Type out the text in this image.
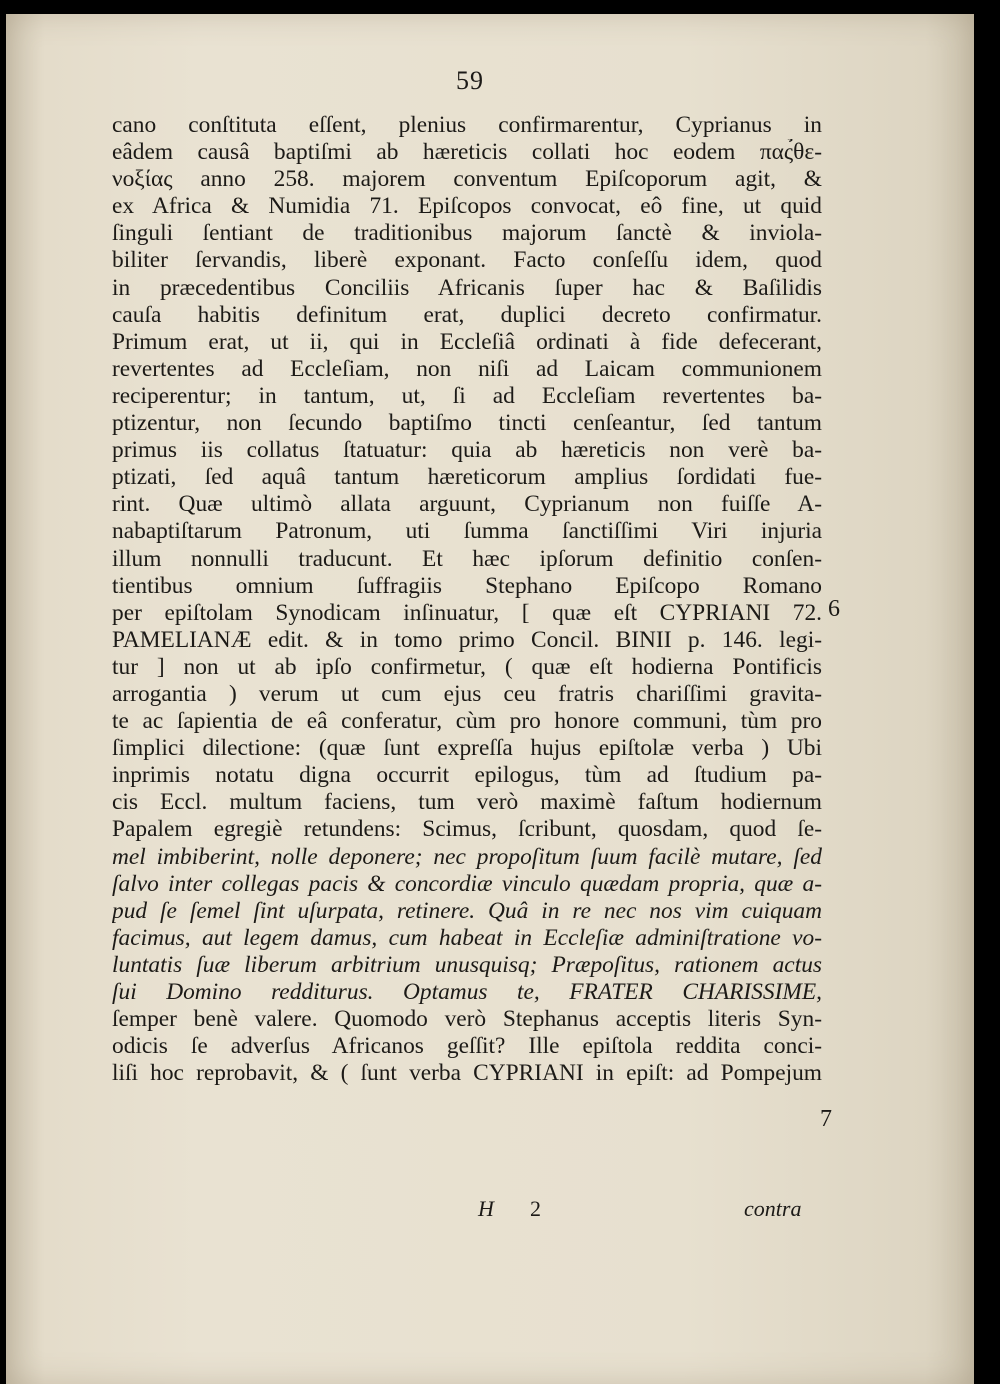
59
cano conſtituta eſſent, plenius confirmarentur, Cyprianus in
eâdem causâ baptiſmi ab hæreticis collati hoc eodem πας̉θε-
νοξίας anno 258. majorem conventum Epiſcoporum agit, &
ex Africa & Numidia 71. Epiſcopos convocat, eô fine, ut quid
ſinguli ſentiant de traditionibus majorum ſanctè & inviola-
biliter ſervandis, liberè exponant. Facto conſeſſu idem, quod
in præcedentibus Conciliis Africanis ſuper hac & Baſilidis
cauſa habitis definitum erat, duplici decreto confirmatur.
Primum erat, ut ii, qui in Eccleſiâ ordinati à fide defecerant,
revertentes ad Eccleſiam, non niſi ad Laicam communionem
reciperentur; in tantum, ut, ſi ad Eccleſiam revertentes ba-
ptizentur, non ſecundo baptiſmo tincti cenſeantur, ſed tantum
primus iis collatus ſtatuatur: quia ab hæreticis non verè ba-
ptizati, ſed aquâ tantum hæreticorum amplius ſordidati fue-
rint. Quæ ultimò allata arguunt, Cyprianum non fuiſſe A-
nabaptiſtarum Patronum, uti ſumma ſanctiſſimi Viri injuria
illum nonnulli traducunt. Et hæc ipſorum definitio conſen-
tientibus omnium ſuffragiis Stephano Epiſcopo Romano
per epiſtolam Synodicam inſinuatur, [ quæ eſt CYPRIANI 72.
PAMELIANÆ edit. & in tomo primo Concil. BINII p. 146. legi-
tur ] non ut ab ipſo confirmetur, ( quæ eſt hodierna Pontificis
arrogantia ) verum ut cum ejus ceu fratris chariſſimi gravita-
te ac ſapientia de eâ conferatur, cùm pro honore communi, tùm pro
ſimplici dilectione: (quæ ſunt expreſſa hujus epiſtolæ verba ) Ubi
inprimis notatu digna occurrit epilogus, tùm ad ſtudium pa-
cis Eccl. multum faciens, tum verò maximè faſtum hodiernum
Papalem egregiè retundens: Scimus, ſcribunt, quosdam, quod ſe-
mel imbiberint, nolle deponere; nec propoſitum ſuum facilè mutare, ſed
ſalvo inter collegas pacis & concordiæ vinculo quædam propria, quæ a-
pud ſe ſemel ſint uſurpata, retinere. Quâ in re nec nos vim cuiquam
facimus, aut legem damus, cum habeat in Eccleſiæ adminiſtratione vo-
luntatis ſuæ liberum arbitrium unusquisq; Præpoſitus, rationem actus
ſui Domino redditurus. Optamus te, FRATER CHARISSIME,
ſemper benè valere. Quomodo verò Stephanus acceptis literis Syn-
odicis ſe adverſus Africanos geſſit? Ille epiſtola reddita conci-
liſi hoc reprobavit, & ( ſunt verba CYPRIANI in epiſt: ad Pompejum
6
7
H 2	contra
